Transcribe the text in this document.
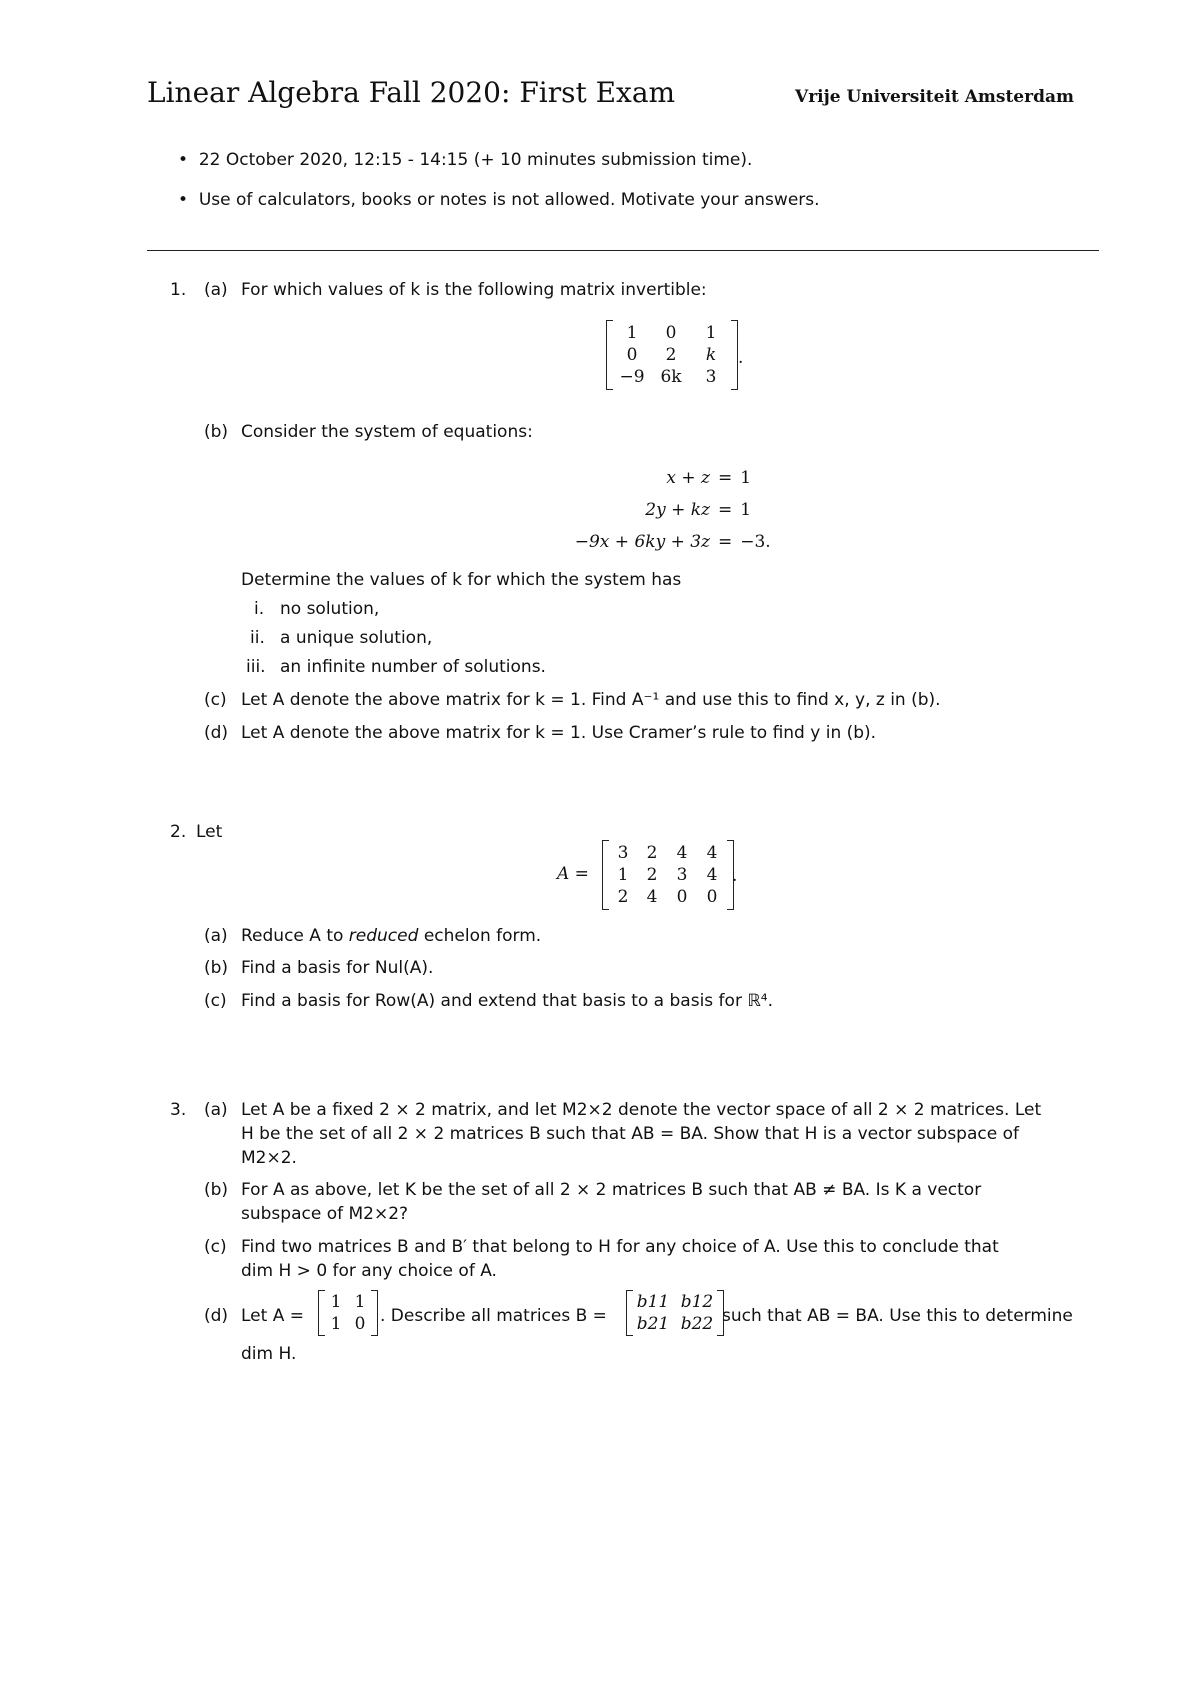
Linear Algebra Fall 2020: First Exam	Vrije Universiteit Amsterdam
• 22 October 2020, 12:15 - 14:15 (+ 10 minutes submission time).
• Use of calculators, books or notes is not allowed. Motivate your answers.
1. (a) For which values of k is the following matrix invertible:
1	0	1
0	2	k
−9	6k	3
.
(b) Consider the system of equations:
x + z	=	1
2y + kz	=	1
−9x + 6ky + 3z	=	−3.
Determine the values of k for which the system has
i. no solution,
ii. a unique solution,
iii. an infinite number of solutions.
(c) Let A denote the above matrix for k = 1. Find A⁻¹ and use this to find x, y, z in (b).
(d) Let A denote the above matrix for k = 1. Use Cramer’s rule to find y in (b).
2. Let
A =
3	2	4	4
1	2	3	4
2	4	0	0
.
(a) Reduce A to reduced echelon form.
(b) Find a basis for Nul(A).
(c) Find a basis for Row(A) and extend that basis to a basis for ℝ⁴.
3. (a) Let A be a fixed 2 × 2 matrix, and let M2×2 denote the vector space of all 2 × 2 matrices. Let
H be the set of all 2 × 2 matrices B such that AB = BA. Show that H is a vector subspace of
M2×2.
(b) For A as above, let K be the set of all 2 × 2 matrices B such that AB ≠ BA. Is K a vector
subspace of M2×2?
(c) Find two matrices B and B′ that belong to H for any choice of A. Use this to conclude that
dim H > 0 for any choice of A.
(d) Let A =
1	1
1	0 . Describe all matrices B =
b11	b12
b21	b22 such that AB = BA. Use this to determine
dim H.
